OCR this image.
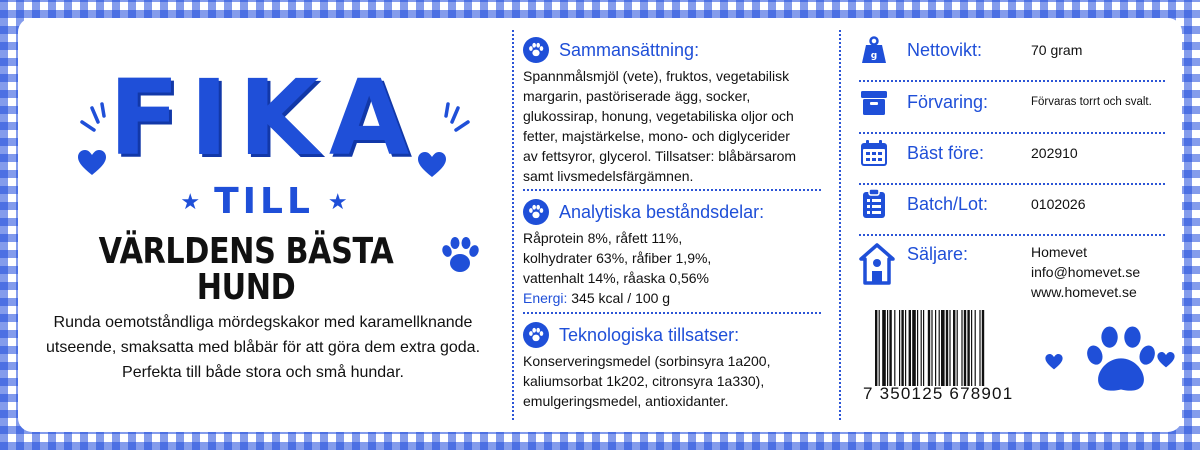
FIKA
★ TILL ★
VÄRLDENS BÄSTA HUND
Runda oemotståndliga mördegskakor med karamellknande
utseende, smaksatta med blåbär för att göra dem extra goda.
Perfekta till både stora och små hundar.
Sammansättning:
Spannmålsmjöl (vete), fruktos, vegetabilisk
margarin, pastöriserade ägg, socker,
glukossirap, honung, vegetabiliska oljor och
fetter, majstärkelse, mono- och diglycerider
av fettsyror, glycerol. Tillsatser: blåbärsarom
samt livsmedelsfärgämnen.
Analytiska beståndsdelar:
Råprotein 8%, råfett 11%,
kolhydrater 63%, råfiber 1,9%,
vattenhalt 14%, råaska 0,56%
Energi: 345 kcal / 100 g
Teknologiska tillsatser:
Konserveringsmedel (sorbinsyra 1a200,
kaliumsorbat 1k202, citronsyra 1a330),
emulgeringsmedel, antioxidanter.
g Nettovikt:	70 gram
Förvaring:	Förvaras torrt och svalt.
Bäst före:	202910
Batch/Lot:	0102026
Säljare:	Homevet
info@homevet.se
www.homevet.se
7 350125 678901
